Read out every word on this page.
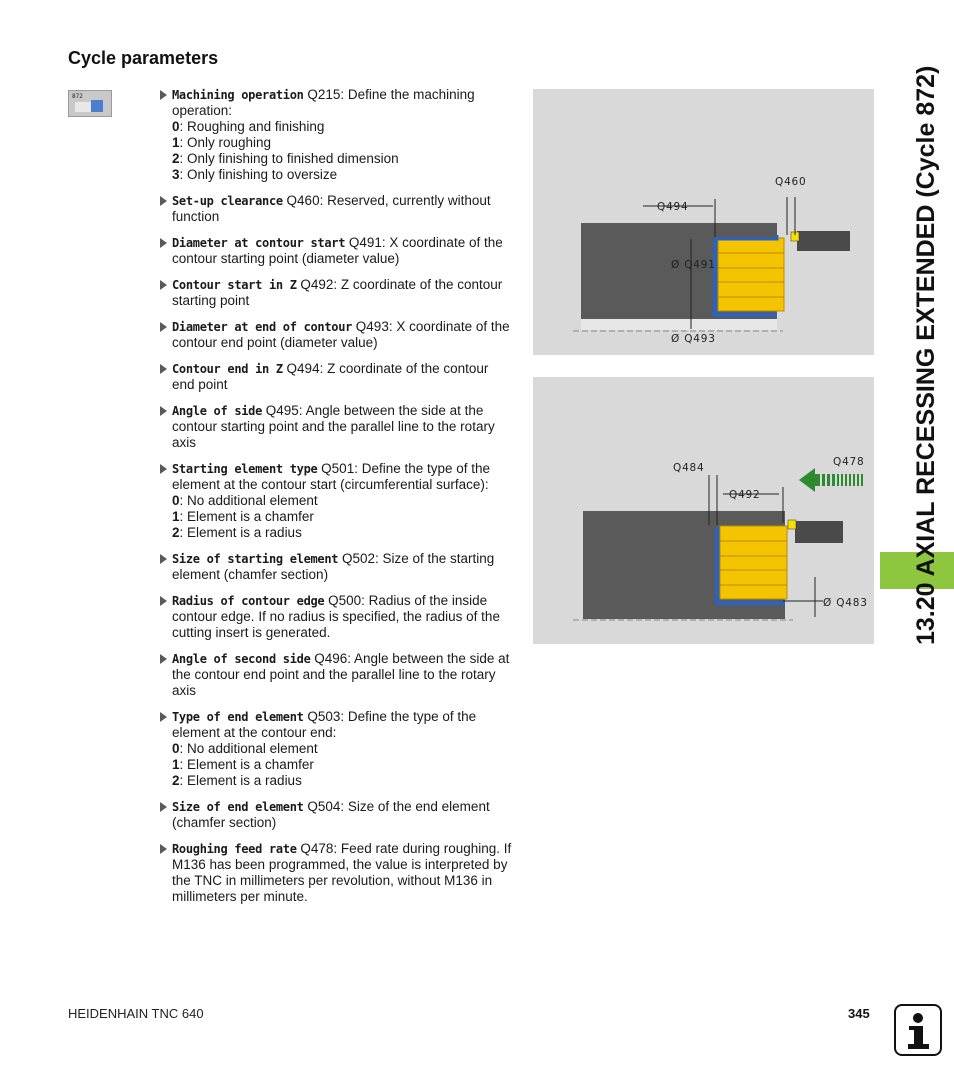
Cycle parameters
872	Machining operation Q215: Define the machining operation:
0: Roughing and finishing
1: Only roughing
2: Only finishing to finished dimension
3: Only finishing to oversize
Set-up clearance Q460: Reserved, currently without function
Diameter at contour start Q491: X coordinate of the contour starting point (diameter value)
Contour start in Z Q492: Z coordinate of the contour starting point
Diameter at end of contour Q493: X coordinate of the contour end point (diameter value)
Contour end in Z Q494: Z coordinate of the contour end point
Angle of side Q495: Angle between the side at the contour starting point and the parallel line to the rotary axis
Starting element type Q501: Define the type of the element at the contour start (circumferential surface):
0: No additional element
1: Element is a chamfer
2: Element is a radius
Size of starting element Q502: Size of the starting element (chamfer section)
Radius of contour edge Q500: Radius of the inside contour edge. If no radius is specified, the radius of the cutting insert is generated.
Angle of second side Q496: Angle between the side at the contour end point and the parallel line to the rotary axis
Type of end element Q503: Define the type of the element at the contour end:
0: No additional element
1: Element is a chamfer
2: Element is a radius
Size of end element Q504: Size of the end element (chamfer section)
Roughing feed rate Q478: Feed rate during roughing. If M136 has been programmed, the value is interpreted by the TNC in millimeters per revolution, without M136 in millimeters per minute.
Q460
Q494
Ø Q491
Ø Q493
Q484	Q478
Q492
Ø Q483 13.20 AXIAL RECESSING EXTENDED (Cycle 872)
HEIDENHAIN TNC 640	345
